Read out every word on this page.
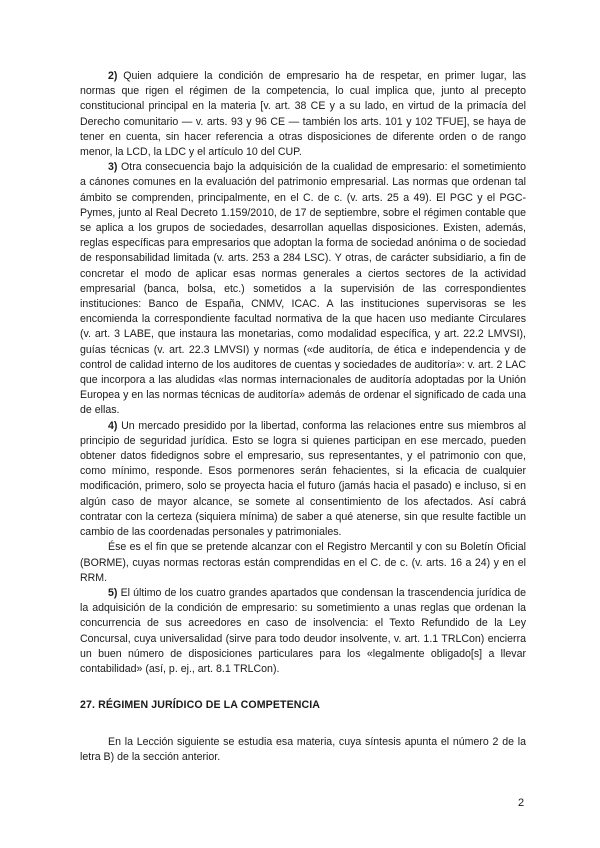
2) Quien adquiere la condición de empresario ha de respetar, en primer lugar, las normas que rigen el régimen de la competencia, lo cual implica que, junto al precepto constitucional principal en la materia [v. art. 38 CE y a su lado, en virtud de la primacía del Derecho comunitario — v. arts. 93 y 96 CE — también los arts. 101 y 102 TFUE], se haya de tener en cuenta, sin hacer referencia a otras disposiciones de diferente orden o de rango menor, la LCD, la LDC y el artículo 10 del CUP.

3) Otra consecuencia bajo la adquisición de la cualidad de empresario: el sometimiento a cánones comunes en la evaluación del patrimonio empresarial. Las normas que ordenan tal ámbito se comprenden, principalmente, en el C. de c. (v. arts. 25 a 49). El PGC y el PGC-Pymes, junto al Real Decreto 1.159/2010, de 17 de septiembre, sobre el régimen contable que se aplica a los grupos de sociedades, desarrollan aquellas disposiciones. Existen, además, reglas específicas para empresarios que adoptan la forma de sociedad anónima o de sociedad de responsabilidad limitada (v. arts. 253 a 284 LSC). Y otras, de carácter subsidiario, a fin de concretar el modo de aplicar esas normas generales a ciertos sectores de la actividad empresarial (banca, bolsa, etc.) sometidos a la supervisión de las correspondientes instituciones: Banco de España, CNMV, ICAC. A las instituciones supervisoras se les encomienda la correspondiente facultad normativa de la que hacen uso mediante Circulares (v. art. 3 LABE, que instaura las monetarias, como modalidad específica, y art. 22.2 LMVSI), guías técnicas (v. art. 22.3 LMVSI) y normas («de auditoría, de ética e independencia y de control de calidad interno de los auditores de cuentas y sociedades de auditoría»: v. art. 2 LAC que incorpora a las aludidas «las normas internacionales de auditoría adoptadas por la Unión Europea y en las normas técnicas de auditoría» además de ordenar el significado de cada una de ellas.

4) Un mercado presidido por la libertad, conforma las relaciones entre sus miembros al principio de seguridad jurídica. Esto se logra si quienes participan en ese mercado, pueden obtener datos fidedignos sobre el empresario, sus representantes, y el patrimonio con que, como mínimo, responde. Esos pormenores serán fehacientes, si la eficacia de cualquier modificación, primero, solo se proyecta hacia el futuro (jamás hacia el pasado) e incluso, si en algún caso de mayor alcance, se somete al consentimiento de los afectados. Así cabrá contratar con la certeza (siquiera mínima) de saber a qué atenerse, sin que resulte factible un cambio de las coordenadas personales y patrimoniales.

Ése es el fin que se pretende alcanzar con el Registro Mercantil y con su Boletín Oficial (BORME), cuyas normas rectoras están comprendidas en el C. de c. (v. arts. 16 a 24) y en el RRM.

5) El último de los cuatro grandes apartados que condensan la trascendencia jurídica de la adquisición de la condición de empresario: su sometimiento a unas reglas que ordenan la concurrencia de sus acreedores en caso de insolvencia: el Texto Refundido de la Ley Concursal, cuya universalidad (sirve para todo deudor insolvente, v. art. 1.1 TRLCon) encierra un buen número de disposiciones particulares para los «legalmente obligado[s] a llevar contabilidad» (así, p. ej., art. 8.1 TRLCon).

27. RÉGIMEN JURÍDICO DE LA COMPETENCIA

En la Lección siguiente se estudia esa materia, cuya síntesis apunta el número 2 de la letra B) de la sección anterior.

2
